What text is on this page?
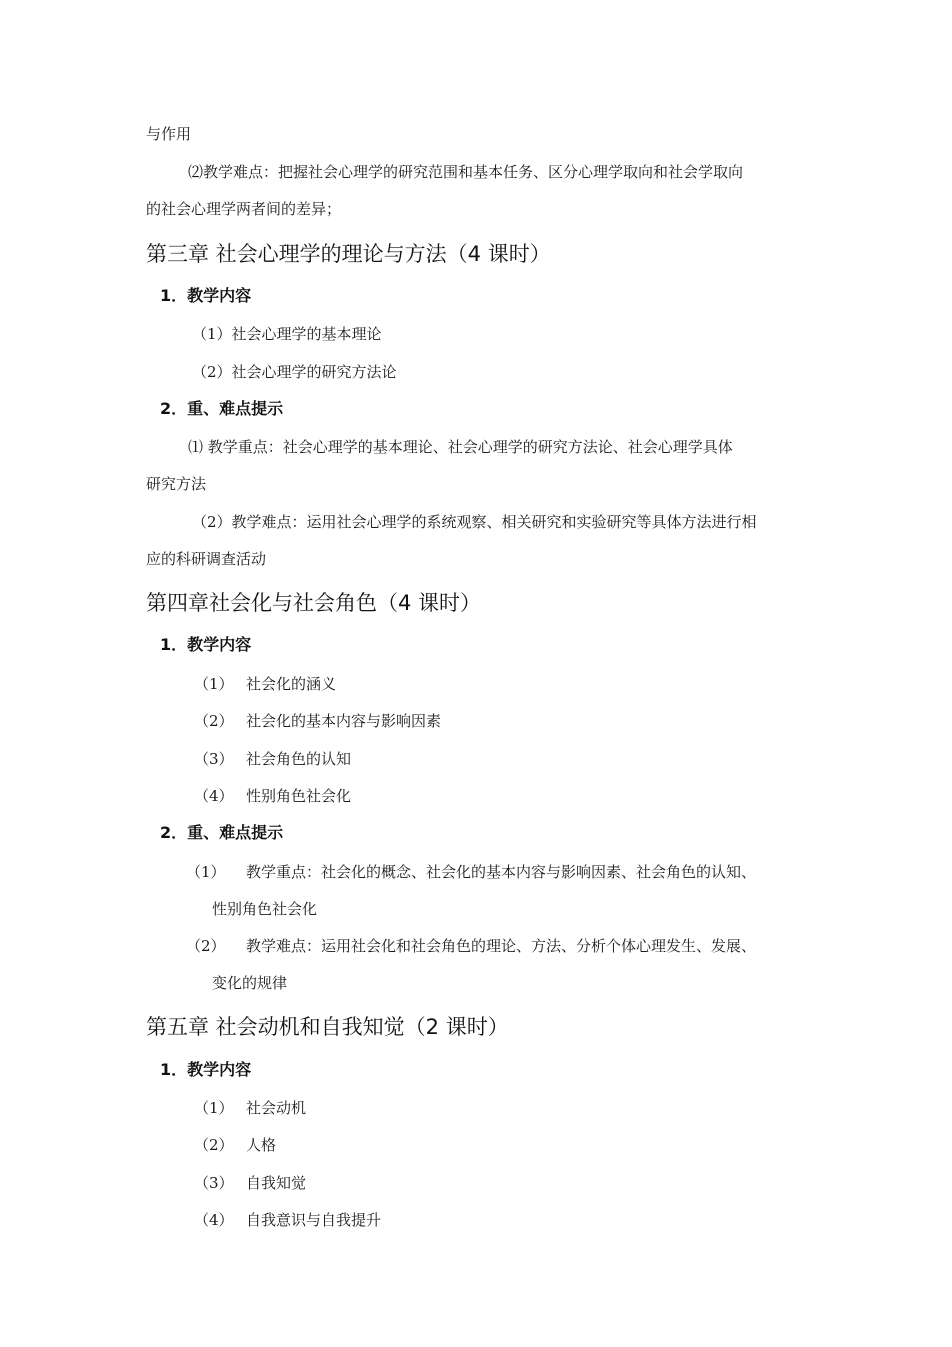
与作用
⑵教学难点：把握社会心理学的研究范围和基本任务、区分心理学取向和社会学取向
的社会心理学两者间的差异；
第三章 社会心理学的理论与方法（4 课时）
1．教学内容
（1）社会心理学的基本理论
（2）社会心理学的研究方法论
2．重、难点提示
⑴ 教学重点：社会心理学的基本理论、社会心理学的研究方法论、社会心理学具体
研究方法
（2）教学难点：运用社会心理学的系统观察、相关研究和实验研究等具体方法进行相
应的科研调查活动
第四章社会化与社会角色（4 课时）
1．教学内容
（1） 社会化的涵义
（2） 社会化的基本内容与影响因素
（3） 社会角色的认知
（4） 性别角色社会化
2．重、难点提示
（1） 教学重点：社会化的概念、社会化的基本内容与影响因素、社会角色的认知、
性别角色社会化
（2） 教学难点：运用社会化和社会角色的理论、方法、分析个体心理发生、发展、
变化的规律
第五章 社会动机和自我知觉（2 课时）
1．教学内容
（1） 社会动机
（2） 人格
（3） 自我知觉
（4） 自我意识与自我提升
